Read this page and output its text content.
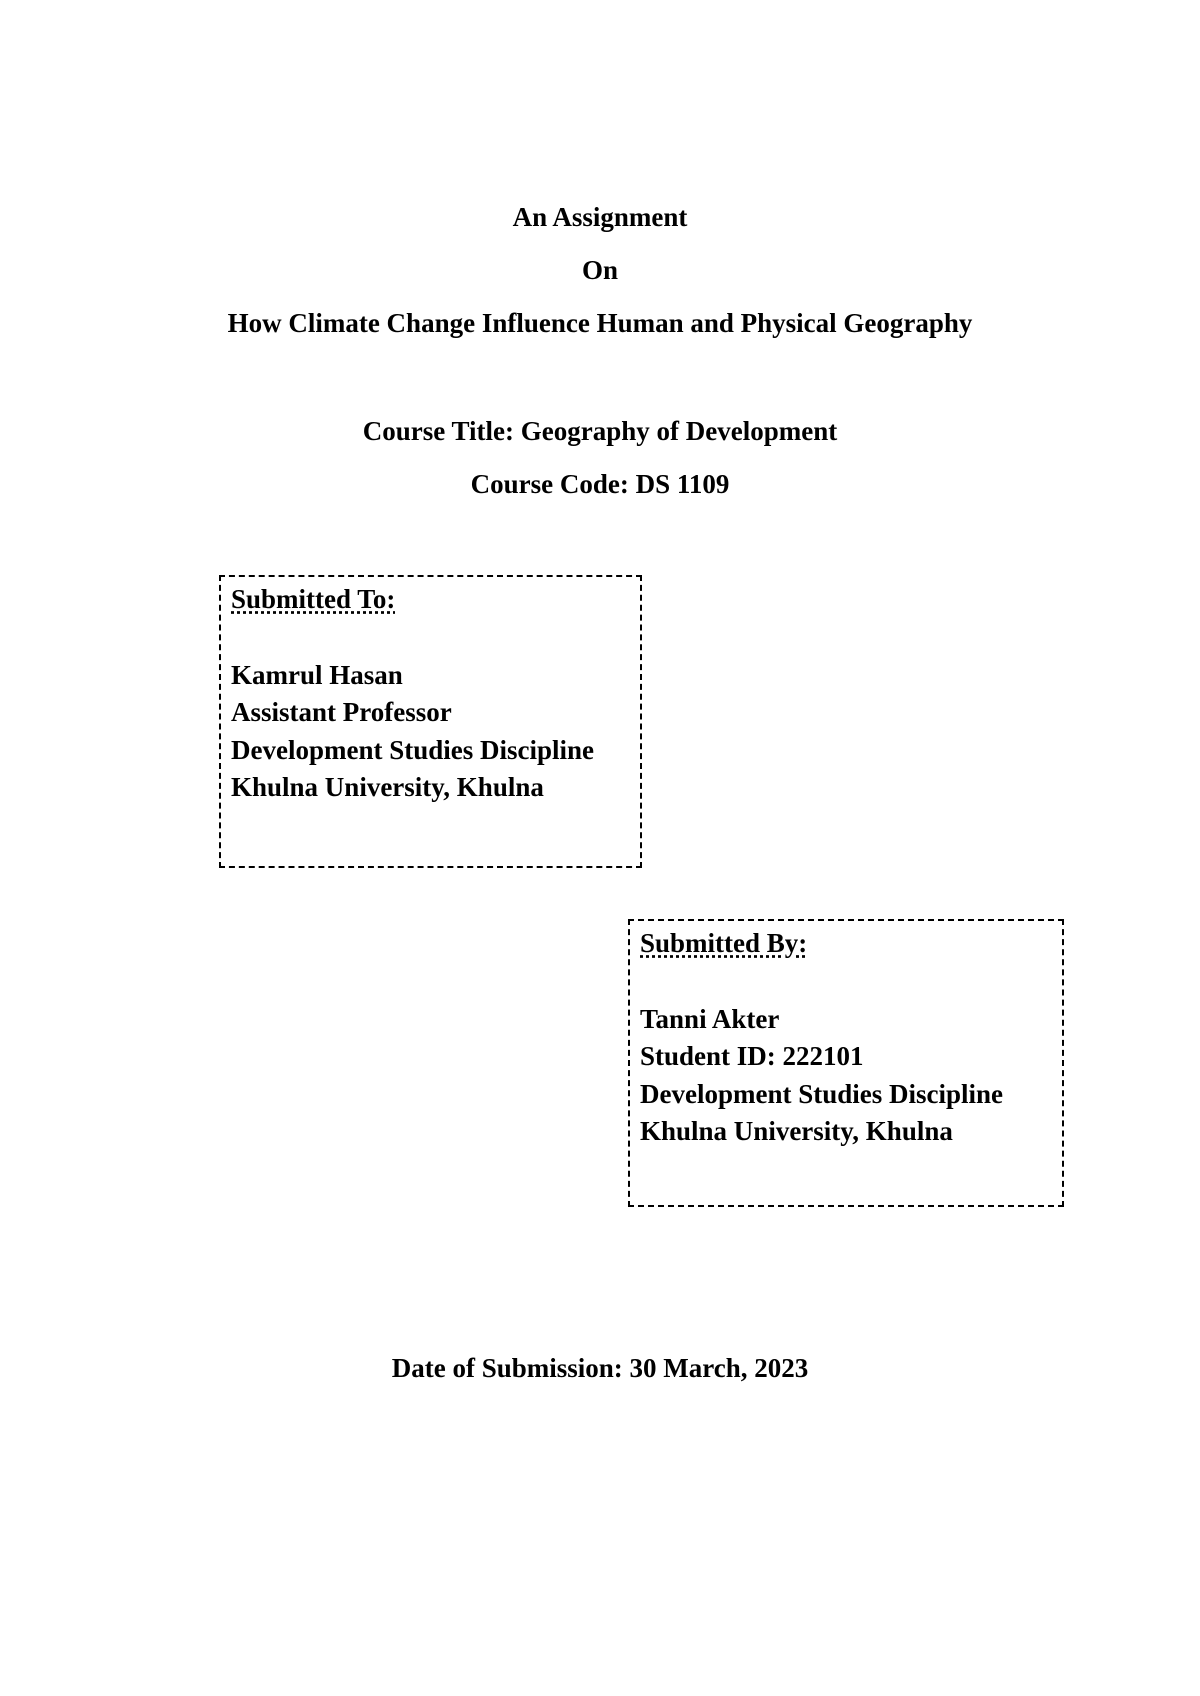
An Assignment
On
How Climate Change Influence Human and Physical Geography
Course Title: Geography of Development
Course Code: DS 1109
Submitted To:
Kamrul Hasan
Assistant Professor
Development Studies Discipline
Khulna University, Khulna
Submitted By:
Tanni Akter
Student ID: 222101
Development Studies Discipline
Khulna University, Khulna
Date of Submission: 30 March, 2023
